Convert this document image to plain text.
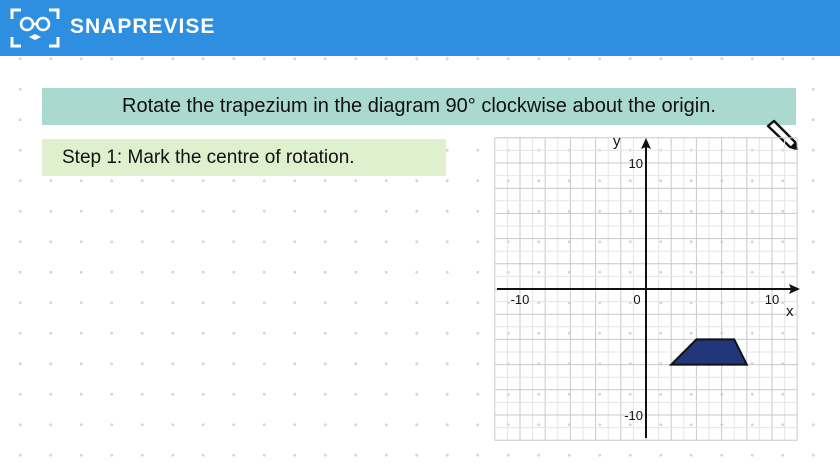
SNAPREVISE
Rotate the trapezium in the diagram 90° clockwise about the origin.
Step 1: Mark the centre of rotation.
x
y
-10	0	10
10
-10
